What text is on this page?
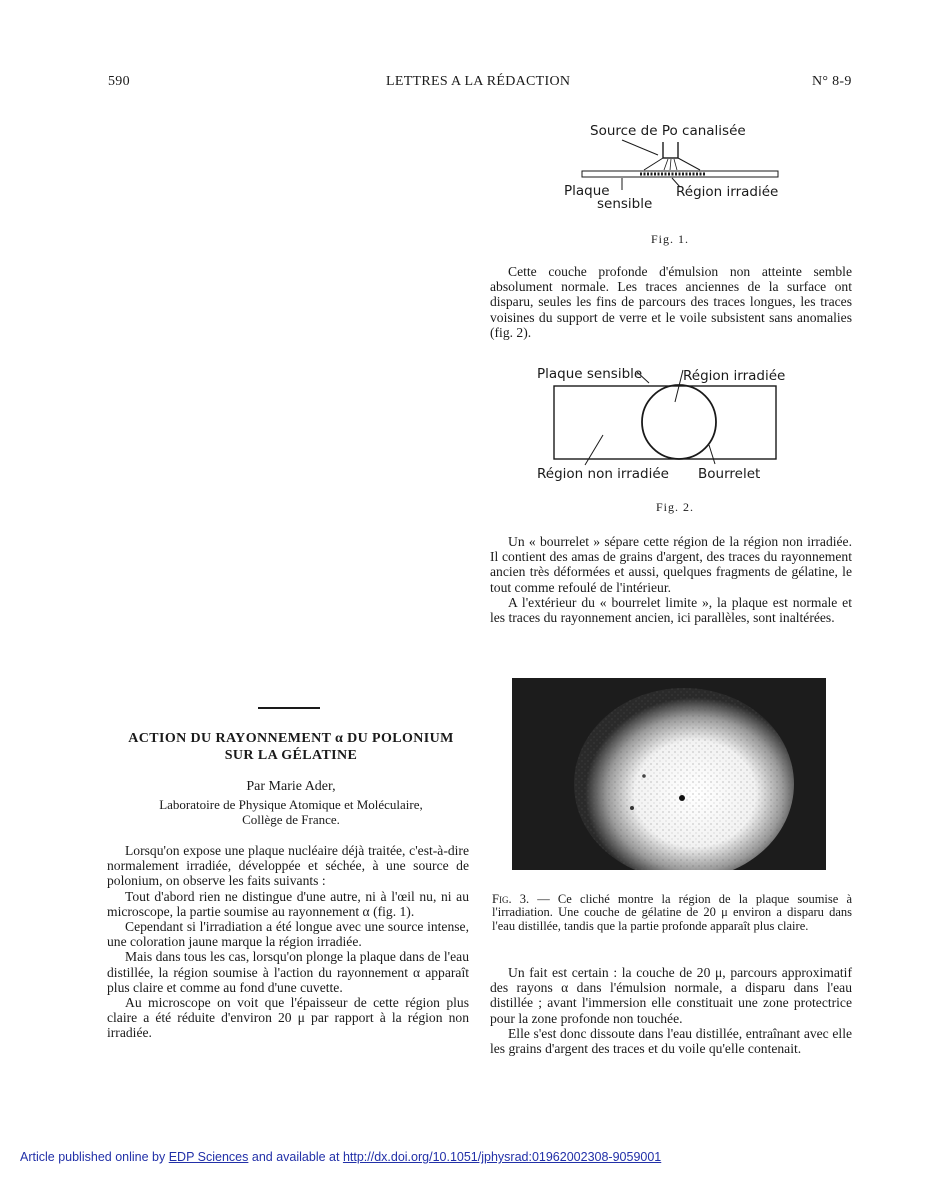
590	LETTRES A LA RÉDACTION	N° 8-9
Source de Po canalisée
Plaque
sensible
Région irradiée
Fig. 1.

Cette couche profonde d'émulsion non atteinte semble absolument normale. Les traces anciennes de la surface ont disparu, seules les fins de parcours des traces longues, les traces voisines du support de verre et le voile subsistent sans anomalies (fig. 2).

Plaque sensible	Région irradiée
Région non irradiée Bourrelet
Fig. 2.

Un « bourrelet » sépare cette région de la région non irradiée. Il contient des amas de grains d'argent, des traces du rayonnement ancien très déformées et aussi, quelques fragments de gélatine, le tout comme refoulé de l'intérieur.

A l'extérieur du « bourrelet limite », la plaque est normale et les traces du rayonnement ancien, ici parallèles, sont inaltérées.

Fig. 3. — Ce cliché montre la région de la plaque soumise à l'irradiation. Une couche de gélatine de 20 μ environ a disparu dans l'eau distillée, tandis que la partie profonde apparaît plus claire.

Un fait est certain : la couche de 20 μ, parcours approximatif des rayons α dans l'émulsion normale, a disparu dans l'eau distillée ; avant l'immersion elle constituait une zone protectrice pour la zone profonde non touchée.

Elle s'est donc dissoute dans l'eau distillée, entraînant avec elle les grains d'argent des traces et du voile qu'elle contenait.

ACTION DU RAYONNEMENT α DU POLONIUM
SUR LA GÉLATINE
Par Marie Ader,
Laboratoire de Physique Atomique et Moléculaire,
Collège de France.

Lorsqu'on expose une plaque nucléaire déjà traitée, c'est-à-dire normalement irradiée, développée et séchée, à une source de polonium, on observe les faits suivants :

Tout d'abord rien ne distingue d'une autre, ni à l'œil nu, ni au microscope, la partie soumise au rayonnement α (fig. 1).

Cependant si l'irradiation a été longue avec une source intense, une coloration jaune marque la région irradiée.

Mais dans tous les cas, lorsqu'on plonge la plaque dans de l'eau distillée, la région soumise à l'action du rayonnement α apparaît plus claire et comme au fond d'une cuvette.

Au microscope on voit que l'épaisseur de cette région plus claire a été réduite d'environ 20 μ par rapport à la région non irradiée.

Article published online by EDP Sciences and available at http://dx.doi.org/10.1051/jphysrad:01962002308-9059001
